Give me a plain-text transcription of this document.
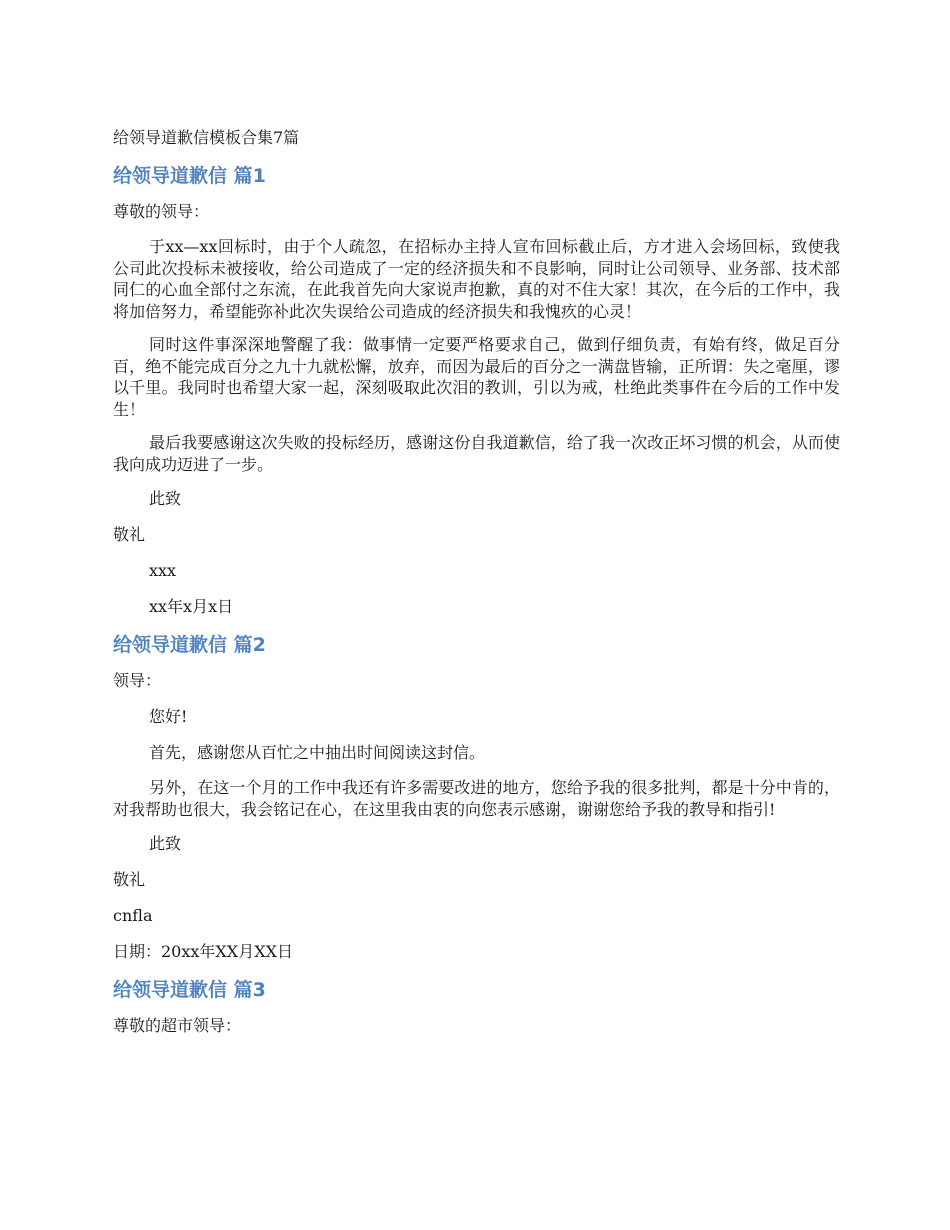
给领导道歉信模板合集7篇

给领导道歉信 篇1

尊敬的领导：

于xx—xx回标时，由于个人疏忽，在招标办主持人宣布回标截止后，方才进入会场回标，致使我公司此次投标未被接收，给公司造成了一定的经济损失和不良影响，同时让公司领导、业务部、技术部同仁的心血全部付之东流，在此我首先向大家说声抱歉，真的对不住大家！其次，在今后的工作中，我将加倍努力，希望能弥补此次失误给公司造成的经济损失和我愧疚的心灵！

同时这件事深深地警醒了我：做事情一定要严格要求自己，做到仔细负责，有始有终，做足百分百，绝不能完成百分之九十九就松懈，放弃，而因为最后的百分之一满盘皆输，正所谓：失之毫厘，谬以千里。我同时也希望大家一起，深刻吸取此次泪的教训，引以为戒，杜绝此类事件在今后的工作中发生！

最后我要感谢这次失败的投标经历，感谢这份自我道歉信，给了我一次改正坏习惯的机会，从而使我向成功迈进了一步。

此致

敬礼

xxx

xx年x月x日

给领导道歉信 篇2

领导：

您好!

首先，感谢您从百忙之中抽出时间阅读这封信。

另外，在这一个月的工作中我还有许多需要改进的地方，您给予我的很多批判，都是十分中肯的，对我帮助也很大，我会铭记在心，在这里我由衷的向您表示感谢，谢谢您给予我的教导和指引!

此致

敬礼

cnfla

日期：20xx年XX月XX日

给领导道歉信 篇3

尊敬的超市领导：
